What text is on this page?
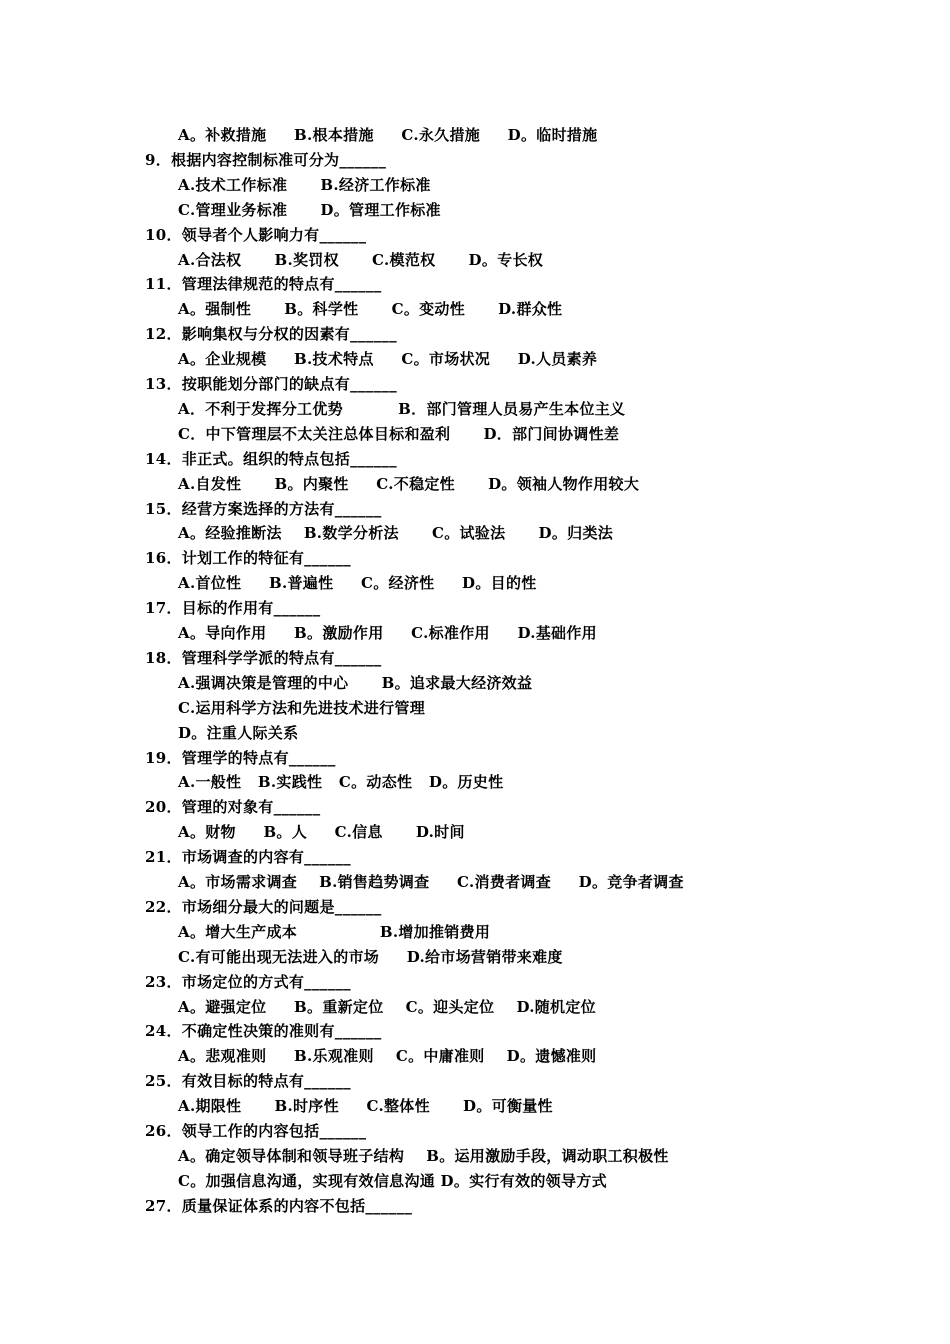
A。补救措施     B.根本措施     C.永久措施     D。临时措施
9．根据内容控制标准可分为______
A.技术工作标准      B.经济工作标准
C.管理业务标准      D。管理工作标准
10．领导者个人影响力有______
A.合法权      B.奖罚权      C.模范权      D。专长权
11．管理法律规范的特点有______
A。强制性      B。科学性      C。变动性      D.群众性
12．影响集权与分权的因素有______
A。企业规模     B.技术特点     C。市场状况     D.人员素养
13．按职能划分部门的缺点有______
A．不利于发挥分工优势          B．部门管理人员易产生本位主义
C．中下管理层不太关注总体目标和盈利      D．部门间协调性差
14．非正式。组织的特点包括______
A.自发性      B。内聚性     C.不稳定性      D。领袖人物作用较大
15．经营方案选择的方法有______
A。经验推断法    B.数学分析法      C。试验法      D。归类法
16．计划工作的特征有______
A.首位性     B.普遍性     C。经济性     D。目的性
17．目标的作用有______
A。导向作用     B。激励作用     C.标准作用     D.基础作用
18．管理科学学派的特点有______
A.强调决策是管理的中心      B。追求最大经济效益
C.运用科学方法和先进技术进行管理
D。注重人际关系
19．管理学的特点有______
A.一般性   B.实践性   C。动态性   D。历史性
20．管理的对象有______
A。财物     B。人     C.信息      D.时间
21．市场调查的内容有______
A。市场需求调查    B.销售趋势调查     C.消费者调查     D。竞争者调查
22．市场细分最大的问题是______
A。增大生产成本               B.增加推销费用
C.有可能出现无法进入的市场     D.给市场营销带来难度
23．市场定位的方式有______
A。避强定位     B。重新定位    C。迎头定位    D.随机定位
24．不确定性决策的准则有______
A。悲观准则     B.乐观准则    C。中庸准则    D。遗憾准则
25．有效目标的特点有______
A.期限性      B.时序性     C.整体性      D。可衡量性
26．领导工作的内容包括______
A。确定领导体制和领导班子结构    B。运用激励手段，调动职工积极性
C。加强信息沟通，实现有效信息沟通 D。实行有效的领导方式
27．质量保证体系的内容不包括______
